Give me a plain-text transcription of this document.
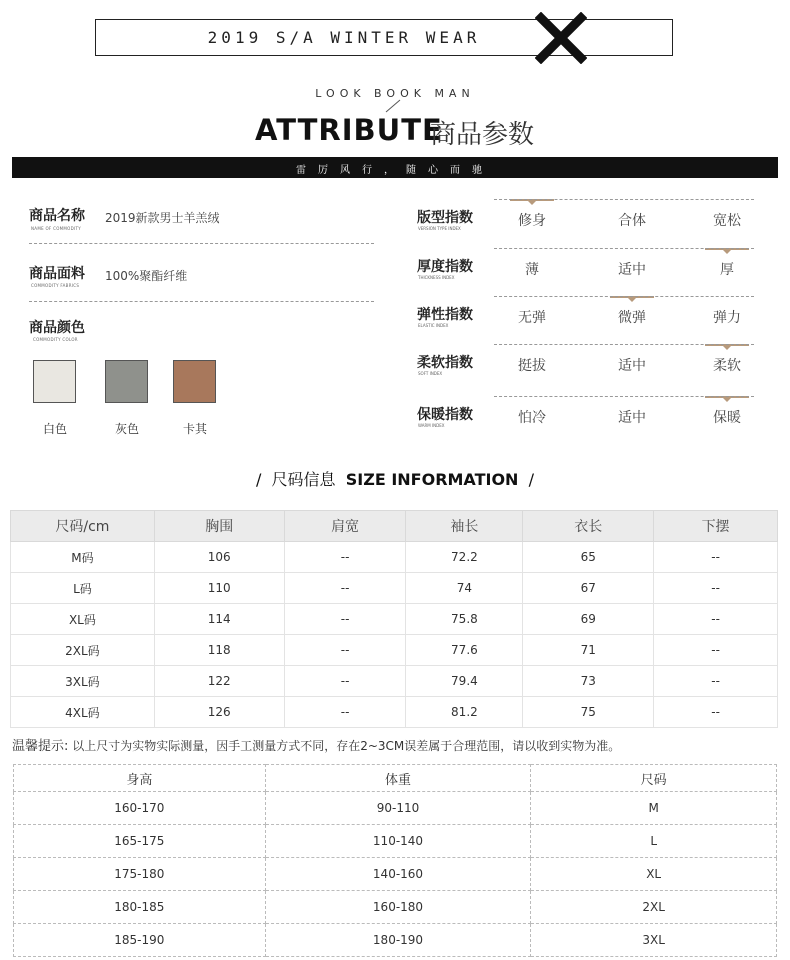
2019 S/A WINTER WEAR
LOOK BOOK MAN
ATTRIBUTE
商品参数
雷厉风行，随心而驰
商品名称
NAME OF COMMODITY
2019新款男士羊羔绒
商品面料
COMMODITY FABRICS
100%聚酯纤维
商品颜色
COMMODITY COLOR
白色	灰色	卡其
版型指数
VERSION TYPE INDEX	修身	合体	宽松
厚度指数
THICKNESS INDEX	薄	适中	厚
弹性指数
ELASTIC INDEX	无弹	微弹	弹力
柔软指数
SOFT INDEX	挺拔	适中	柔软
保暖指数
WARM INDEX	怕冷	适中	保暖
/ 尺码信息 SIZE INFORMATION /
尺码/cm	胸围	肩宽	袖长	衣长	下摆
M码	106	--	72.2	65	--
L码	110	--	74	67	--
XL码	114	--	75.8	69	--
2XL码	118	--	77.6	71	--
3XL码	122	--	79.4	73	--
4XL码	126	--	81.2	75	--
温馨提示: 以上尺寸为实物实际测量，因手工测量方式不同，存在2~3CM误差属于合理范围，请以收到实物为准。
身高	体重	尺码
160-170	90-110	M
165-175	110-140	L
175-180	140-160	XL
180-185	160-180	2XL
185-190	180-190	3XL
